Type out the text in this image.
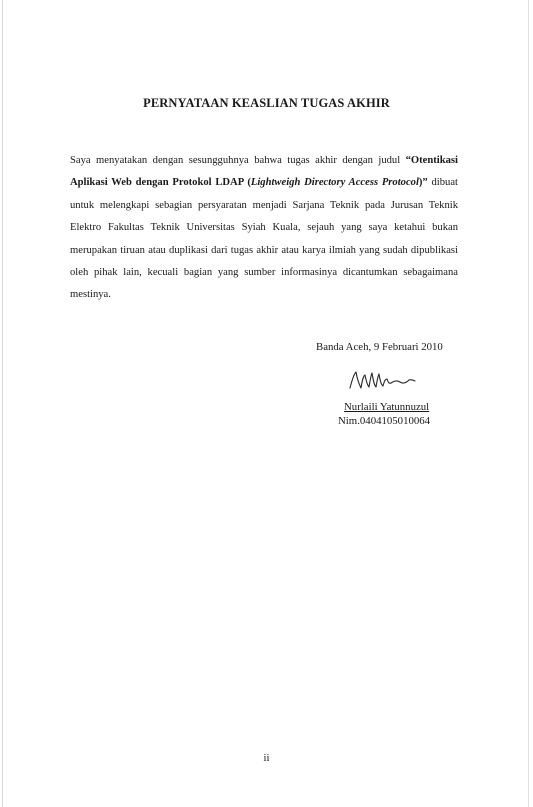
PERNYATAAN KEASLIAN TUGAS AKHIR
Saya menyatakan dengan sesungguhnya bahwa tugas akhir dengan judul “Otentikasi Aplikasi Web dengan Protokol LDAP (Lightweigh Directory Access Protocol)” dibuat untuk melengkapi sebagian persyaratan menjadi Sarjana Teknik pada Jurusan Teknik Elektro Fakultas Teknik Universitas Syiah Kuala, sejauh yang saya ketahui bukan merupakan tiruan atau duplikasi dari tugas akhir atau karya ilmiah yang sudah dipublikasi oleh pihak lain, kecuali bagian yang sumber informasinya dicantumkan sebagaimana mestinya.
Banda Aceh, 9 Februari 2010
Nurlaili Yatunnuzul
Nim.0404105010064
ii
